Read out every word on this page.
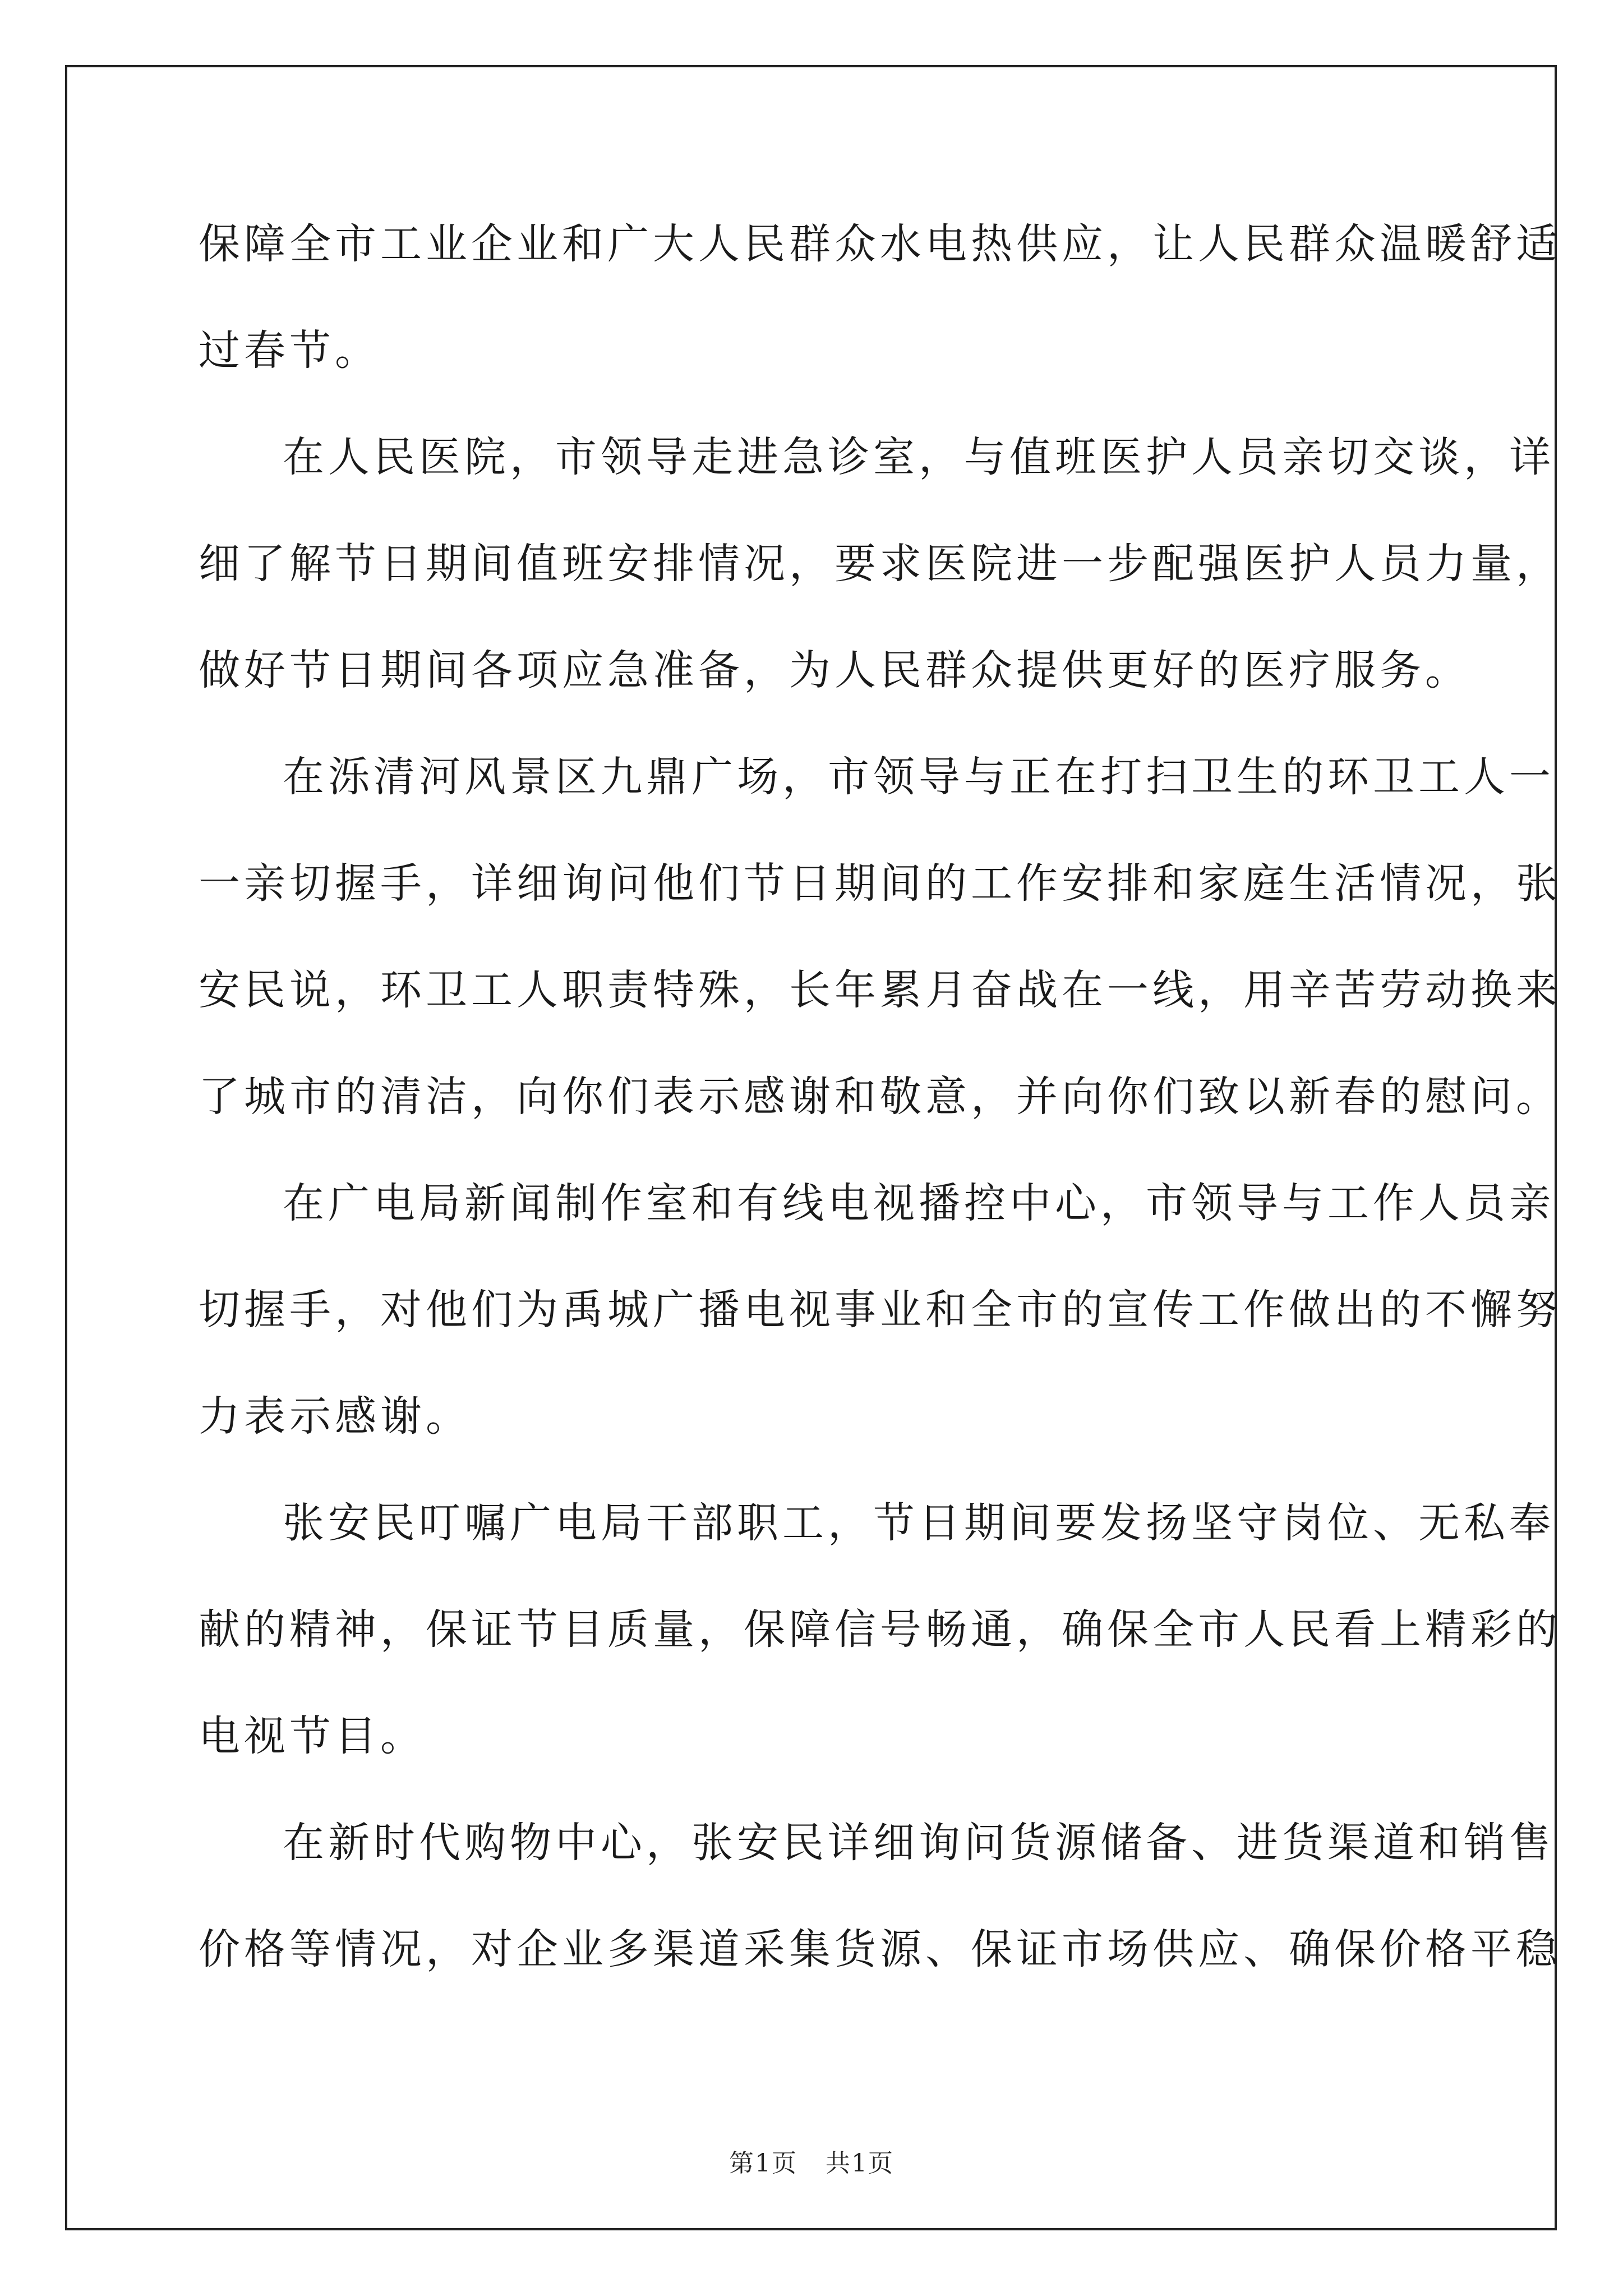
保障全市工业企业和广大人民群众水电热供应，让人民群众温暖舒适
过春节。
在人民医院，市领导走进急诊室，与值班医护人员亲切交谈，详
细了解节日期间值班安排情况，要求医院进一步配强医护人员力量，
做好节日期间各项应急准备，为人民群众提供更好的医疗服务。
在泺清河风景区九鼎广场，市领导与正在打扫卫生的环卫工人一
一亲切握手，详细询问他们节日期间的工作安排和家庭生活情况，张
安民说，环卫工人职责特殊，长年累月奋战在一线，用辛苦劳动换来
了城市的清洁，向你们表示感谢和敬意，并向你们致以新春的慰问。
在广电局新闻制作室和有线电视播控中心，市领导与工作人员亲
切握手，对他们为禹城广播电视事业和全市的宣传工作做出的不懈努
力表示感谢。
张安民叮嘱广电局干部职工，节日期间要发扬坚守岗位、无私奉
献的精神，保证节目质量，保障信号畅通，确保全市人民看上精彩的
电视节目。
在新时代购物中心，张安民详细询问货源储备、进货渠道和销售
价格等情况，对企业多渠道采集货源、保证市场供应、确保价格平稳
第1页 共1页
